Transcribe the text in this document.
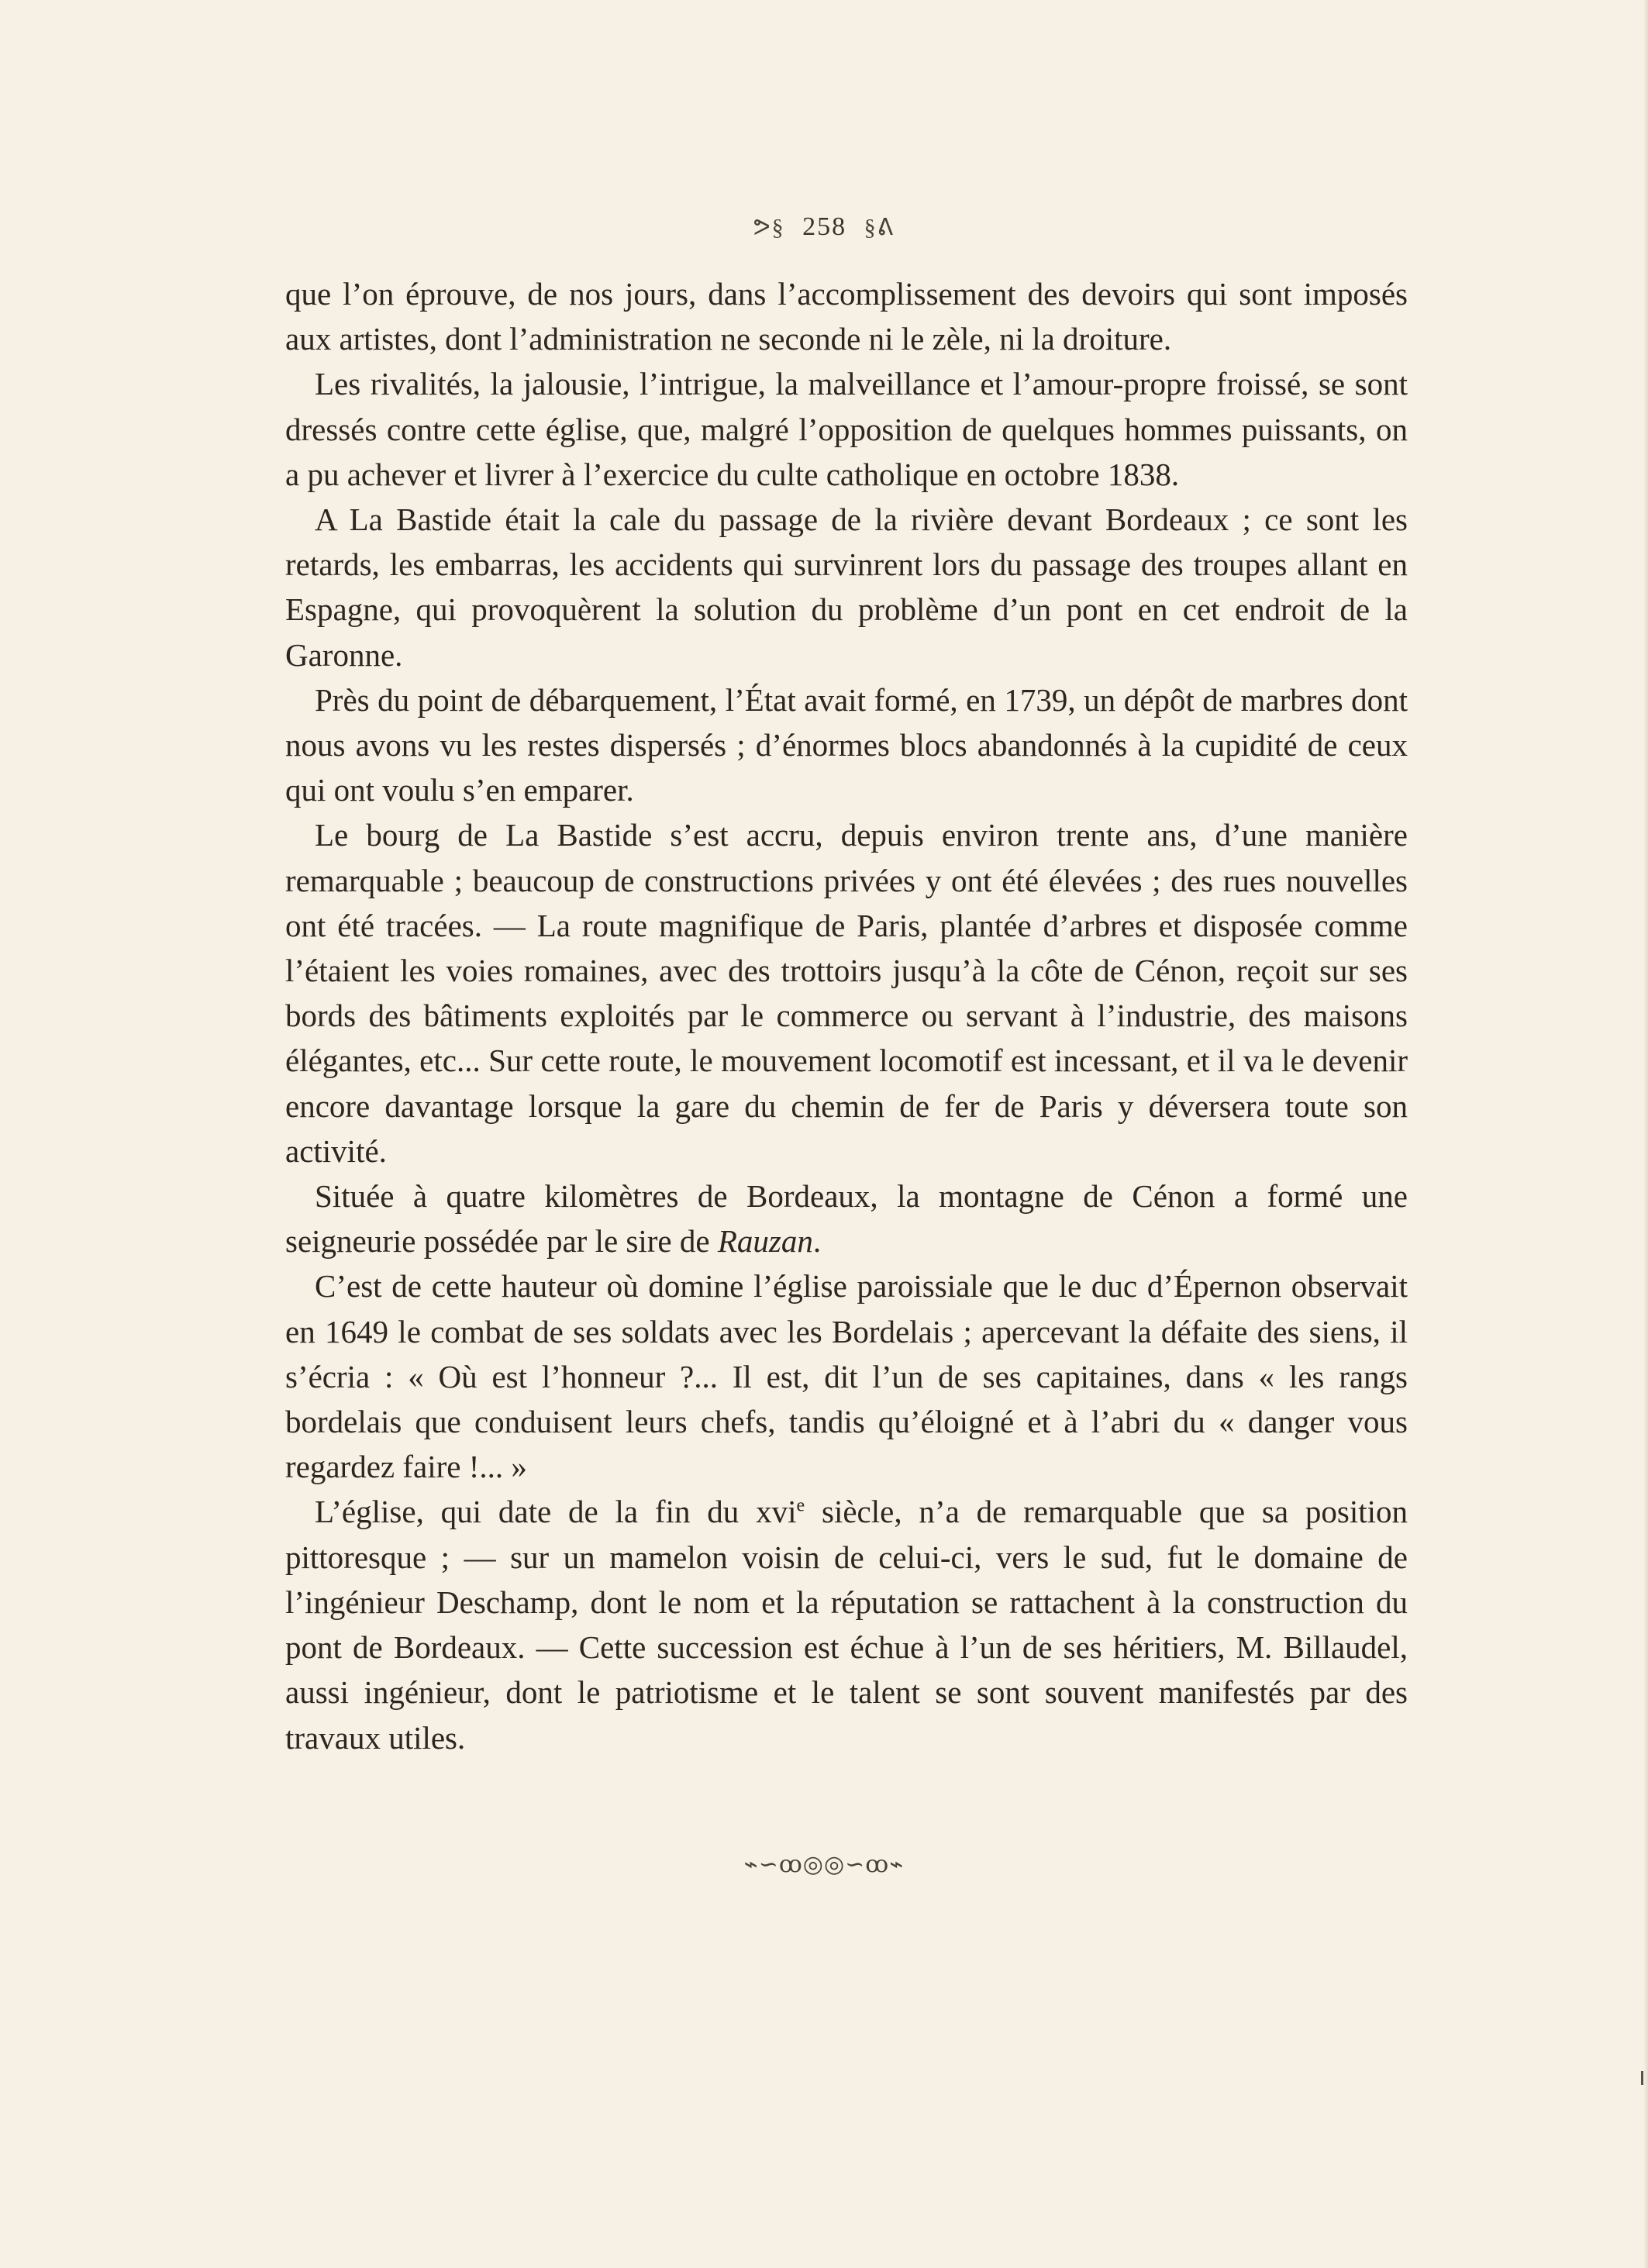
ᕗ§ 258 §ᕕ

que l’on éprouve, de nos jours, dans l’accomplissement des devoirs qui sont imposés aux artistes, dont l’administration ne seconde ni le zèle, ni la droiture.

Les rivalités, la jalousie, l’intrigue, la malveillance et l’amour-propre froissé, se sont dressés contre cette église, que, malgré l’opposition de quelques hommes puissants, on a pu achever et livrer à l’exercice du culte catholique en octobre 1838.

A La Bastide était la cale du passage de la rivière devant Bordeaux ; ce sont les retards, les embarras, les accidents qui survinrent lors du passage des troupes allant en Espagne, qui provoquèrent la solution du problème d’un pont en cet endroit de la Garonne.

Près du point de débarquement, l’État avait formé, en 1739, un dépôt de marbres dont nous avons vu les restes dispersés ; d’énormes blocs abandonnés à la cupidité de ceux qui ont voulu s’en emparer.

Le bourg de La Bastide s’est accru, depuis environ trente ans, d’une manière remarquable ; beaucoup de constructions privées y ont été élevées ; des rues nouvelles ont été tracées. — La route magnifique de Paris, plantée d’arbres et disposée comme l’étaient les voies romaines, avec des trottoirs jusqu’à la côte de Cénon, reçoit sur ses bords des bâtiments exploités par le commerce ou servant à l’industrie, des maisons élégantes, etc... Sur cette route, le mouvement locomotif est incessant, et il va le devenir encore davantage lorsque la gare du chemin de fer de Paris y déversera toute son activité.

Située à quatre kilomètres de Bordeaux, la montagne de Cénon a formé une seigneurie possédée par le sire de Rauzan.

C’est de cette hauteur où domine l’église paroissiale que le duc d’Épernon observait en 1649 le combat de ses soldats avec les Bordelais ; apercevant la défaite des siens, il s’écria : « Où est l’honneur ?... Il est, dit l’un de ses capitaines, dans « les rangs bordelais que conduisent leurs chefs, tandis qu’éloigné et à l’abri du « danger vous regardez faire !... »

L’église, qui date de la fin du xvi$^e$ siècle, n’a de remarquable que sa position pittoresque ; — sur un mamelon voisin de celui-ci, vers le sud, fut le domaine de l’ingénieur Deschamp, dont le nom et la réputation se rattachent à la construction du pont de Bordeaux. — Cette succession est échue à l’un de ses héritiers, M. Billaudel, aussi ingénieur, dont le patriotisme et le talent se sont souvent manifestés par des travaux utiles.

⌁∽ꝏ◎◎∽ꝏ⌁
